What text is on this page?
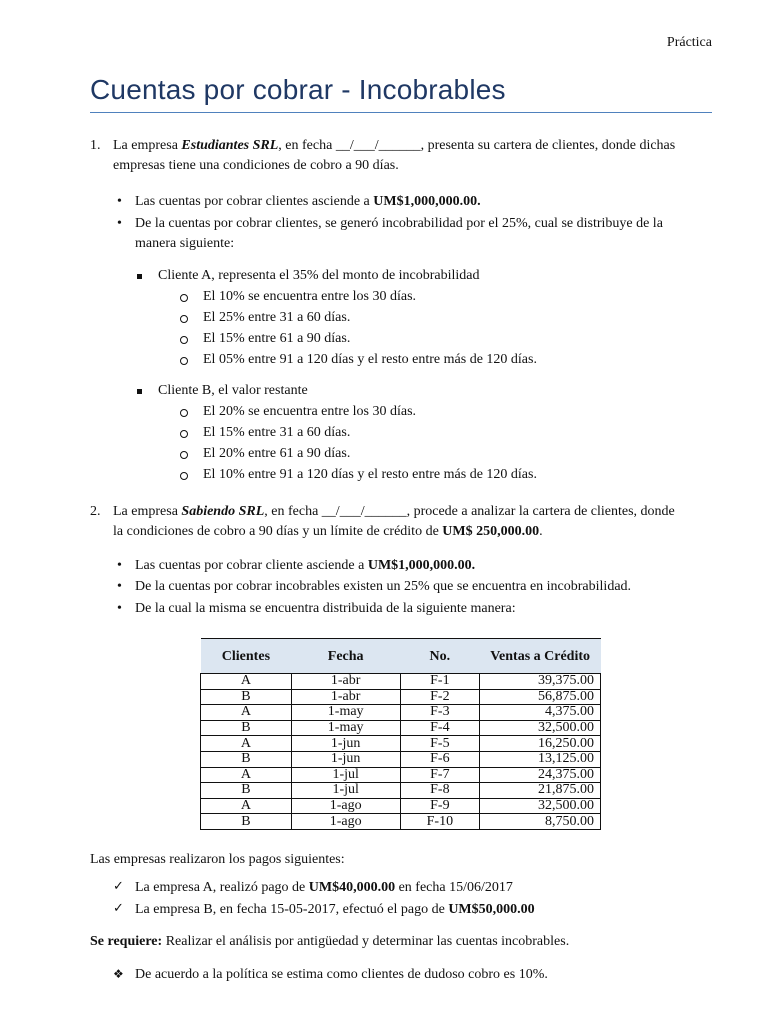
Práctica
Cuentas por cobrar - Incobrables
1. La empresa Estudiantes SRL, en fecha __/___/______, presenta su cartera de clientes, donde dichas
empresas tiene una condiciones de cobro a 90 días.
•
Las cuentas por cobrar clientes asciende a UM$1,000,000.00.
•
De la cuentas por cobrar clientes, se generó incobrabilidad por el 25%, cual se distribuye de la
manera siguiente:
Cliente A, representa el 35% del monto de incobrabilidad
El 10% se encuentra entre los 30 días.
El 25% entre 31 a 60 días.
El 15% entre 61 a 90 días.
El 05% entre 91 a 120 días y el resto entre más de 120 días.
Cliente B, el valor restante
El 20% se encuentra entre los 30 días.
El 15% entre 31 a 60 días.
El 20% entre 61 a 90 días.
El 10% entre 91 a 120 días y el resto entre más de 120 días.
2. La empresa Sabiendo SRL, en fecha __/___/______, procede a analizar la cartera de clientes, donde
la condiciones de cobro a 90 días y un límite de crédito de UM$ 250,000.00.
•
Las cuentas por cobrar cliente asciende a UM$1,000,000.00.
•
De la cuentas por cobrar incobrables existen un 25% que se encuentra en incobrabilidad.
•
De la cual la misma se encuentra distribuida de la siguiente manera:
Clientes	Fecha	No.	Ventas a Crédito
A	1-abr	F-1	39,375.00
B	1-abr	F-2	56,875.00
A	1-may	F-3	4,375.00
B	1-may	F-4	32,500.00
A	1-jun	F-5	16,250.00
B	1-jun	F-6	13,125.00
A	1-jul	F-7	24,375.00
B	1-jul	F-8	21,875.00
A	1-ago	F-9	32,500.00
B	1-ago	F-10	8,750.00
Las empresas realizaron los pagos siguientes:
✓ La empresa A, realizó pago de UM$40,000.00 en fecha 15/06/2017
✓ La empresa B, en fecha 15-05-2017, efectuó el pago de UM$50,000.00
Se requiere: Realizar el análisis por antigüedad y determinar las cuentas incobrables.
❖ De acuerdo a la política se estima como clientes de dudoso cobro es 10%.
